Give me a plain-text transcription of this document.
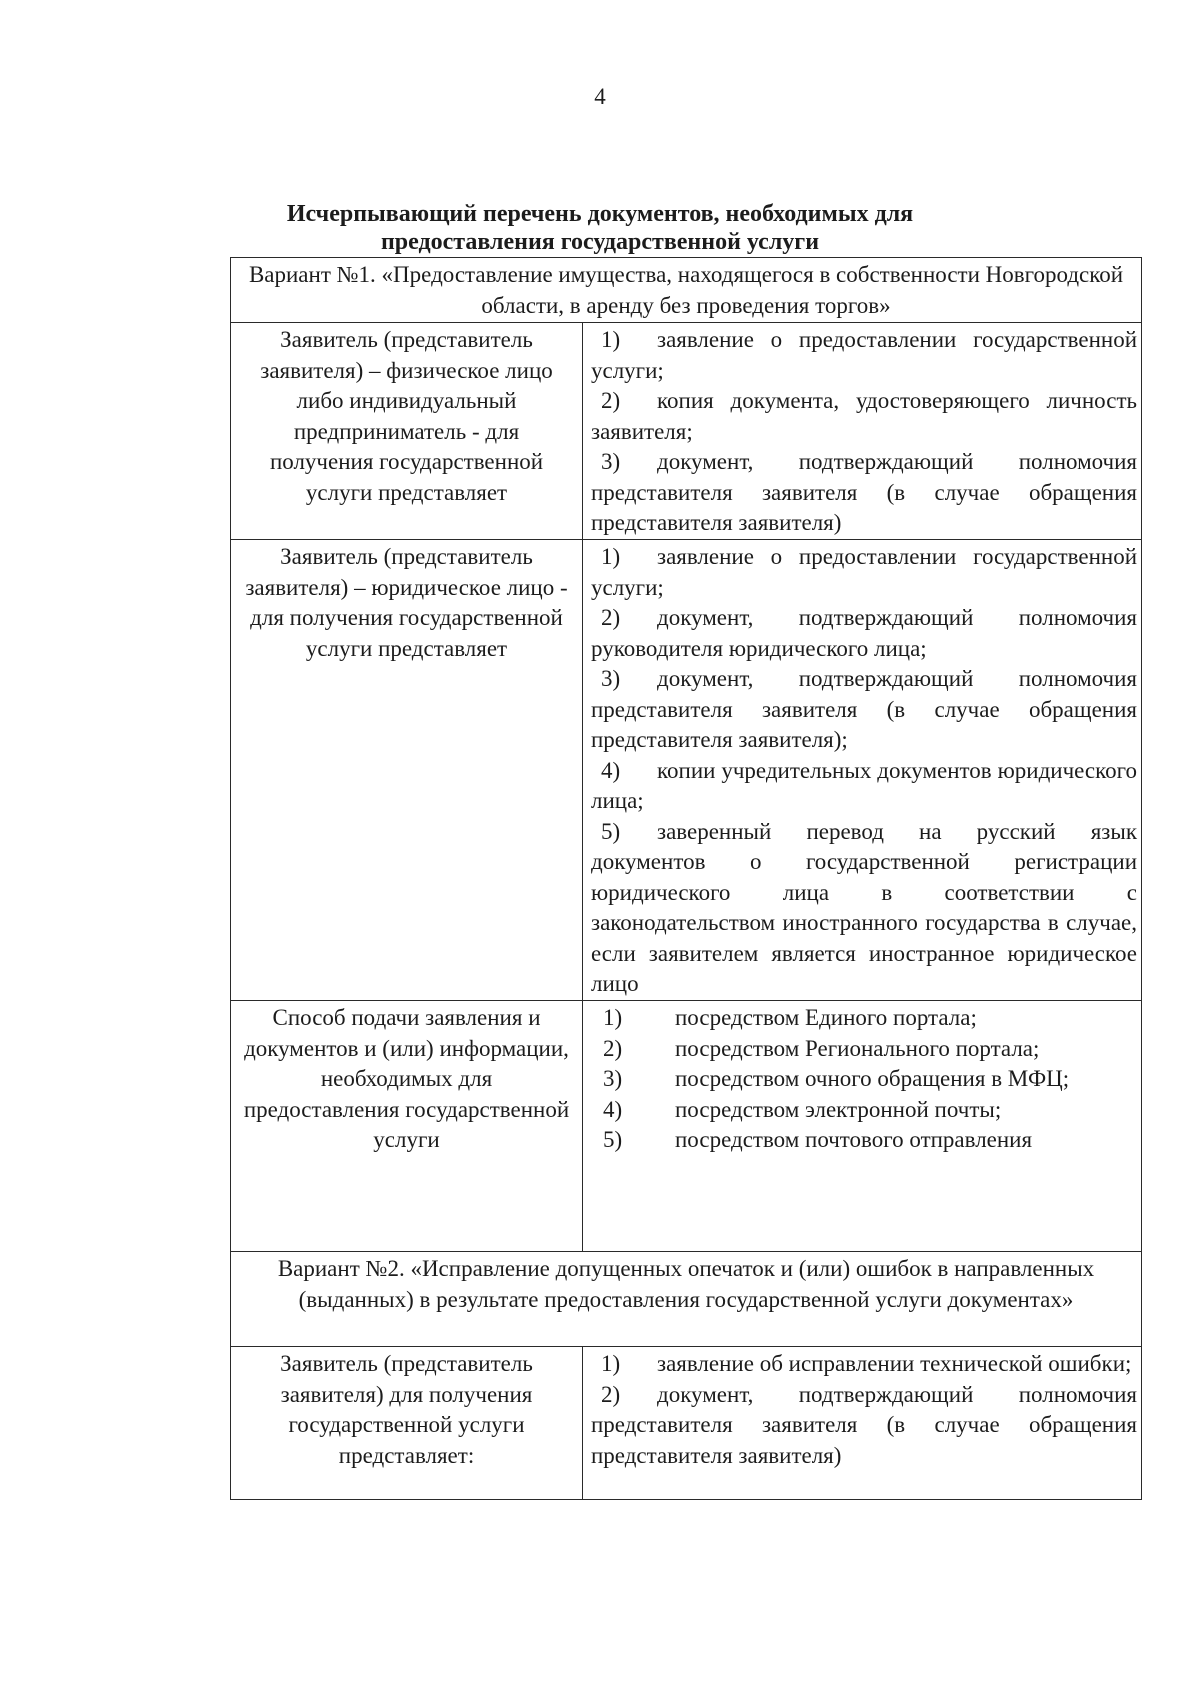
4
Исчерпывающий перечень документов, необходимых для
предоставления государственной услуги
Вариант №1. «Предоставление имущества, находящегося в собственности Новгородской области, в аренду без проведения торгов»	
Заявитель (представитель заявителя) – физическое лицо либо индивидуальный предприниматель - для получения государственной услуги представляет	1) заявление о предоставлении государственной услуги;

2) копия документа, удостоверяющего личность заявителя;

3) документ, подтверждающий полномочия представителя заявителя (в случае обращения представителя заявителя)

Заявитель (представитель заявителя) – юридическое лицо - для получения государственной услуги представляет	1) заявление о предоставлении государственной услуги;

2) документ, подтверждающий полномочия руководителя юридического лица;

3) документ, подтверждающий полномочия представителя заявителя (в случае обращения представителя заявителя);

4) копии учредительных документов юридического лица;

5) заверенный перевод на русский язык документов о государственной регистрации юридического лица в соответствии с законодательством иностранного государства в случае, если заявителем является иностранное юридическое лицо

Способ подачи заявления и документов и (или) информации, необходимых для предоставления государственной услуги	1) посредством Единого портала;

2) посредством Регионального портала;

3) посредством очного обращения в МФЦ;

4) посредством электронной почты;

5) посредством почтового отправления

Вариант №2. «Исправление допущенных опечаток и (или) ошибок в направленных (выданных) в результате предоставления государственной услуги документах»	
Заявитель (представитель заявителя) для получения государственной услуги представляет:	1) заявление об исправлении технической ошибки;

2) документ, подтверждающий полномочия представителя заявителя (в случае обращения представителя заявителя)
